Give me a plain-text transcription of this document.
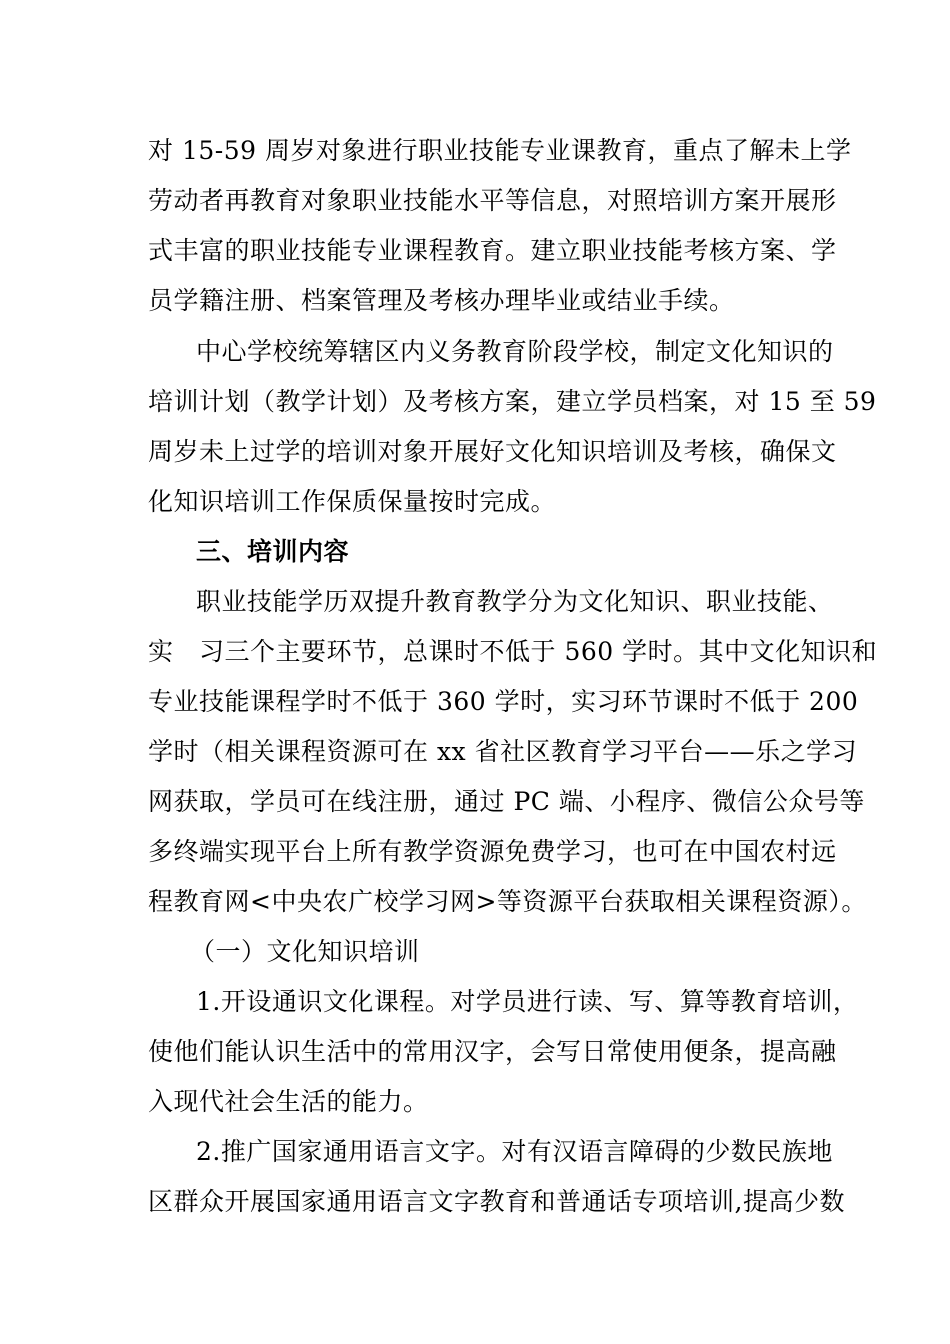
对 15-59 周岁对象进行职业技能专业课教育，重点了解未上学
劳动者再教育对象职业技能水平等信息，对照培训方案开展形
式丰富的职业技能专业课程教育。建立职业技能考核方案、学
员学籍注册、档案管理及考核办理毕业或结业手续。
中心学校统筹辖区内义务教育阶段学校，制定文化知识的
培训计划（教学计划）及考核方案，建立学员档案，对 15 至 59
周岁未上过学的培训对象开展好文化知识培训及考核，确保文
化知识培训工作保质保量按时完成。
三、培训内容
职业技能学历双提升教育教学分为文化知识、职业技能、
实　习三个主要环节，总课时不低于 560 学时。其中文化知识和
专业技能课程学时不低于 360 学时，实习环节课时不低于 200
学时（相关课程资源可在 xx 省社区教育学习平台——乐之学习
网获取，学员可在线注册，通过 PC 端、小程序、微信公众号等
多终端实现平台上所有教学资源免费学习，也可在中国农村远
程教育网<中央农广校学习网>等资源平台获取相关课程资源）。
（一）文化知识培训
1.开设通识文化课程。对学员进行读、写、算等教育培训，
使他们能认识生活中的常用汉字，会写日常使用便条，提高融
入现代社会生活的能力。
2.推广国家通用语言文字。对有汉语言障碍的少数民族地
区群众开展国家通用语言文字教育和普通话专项培训,提高少数
